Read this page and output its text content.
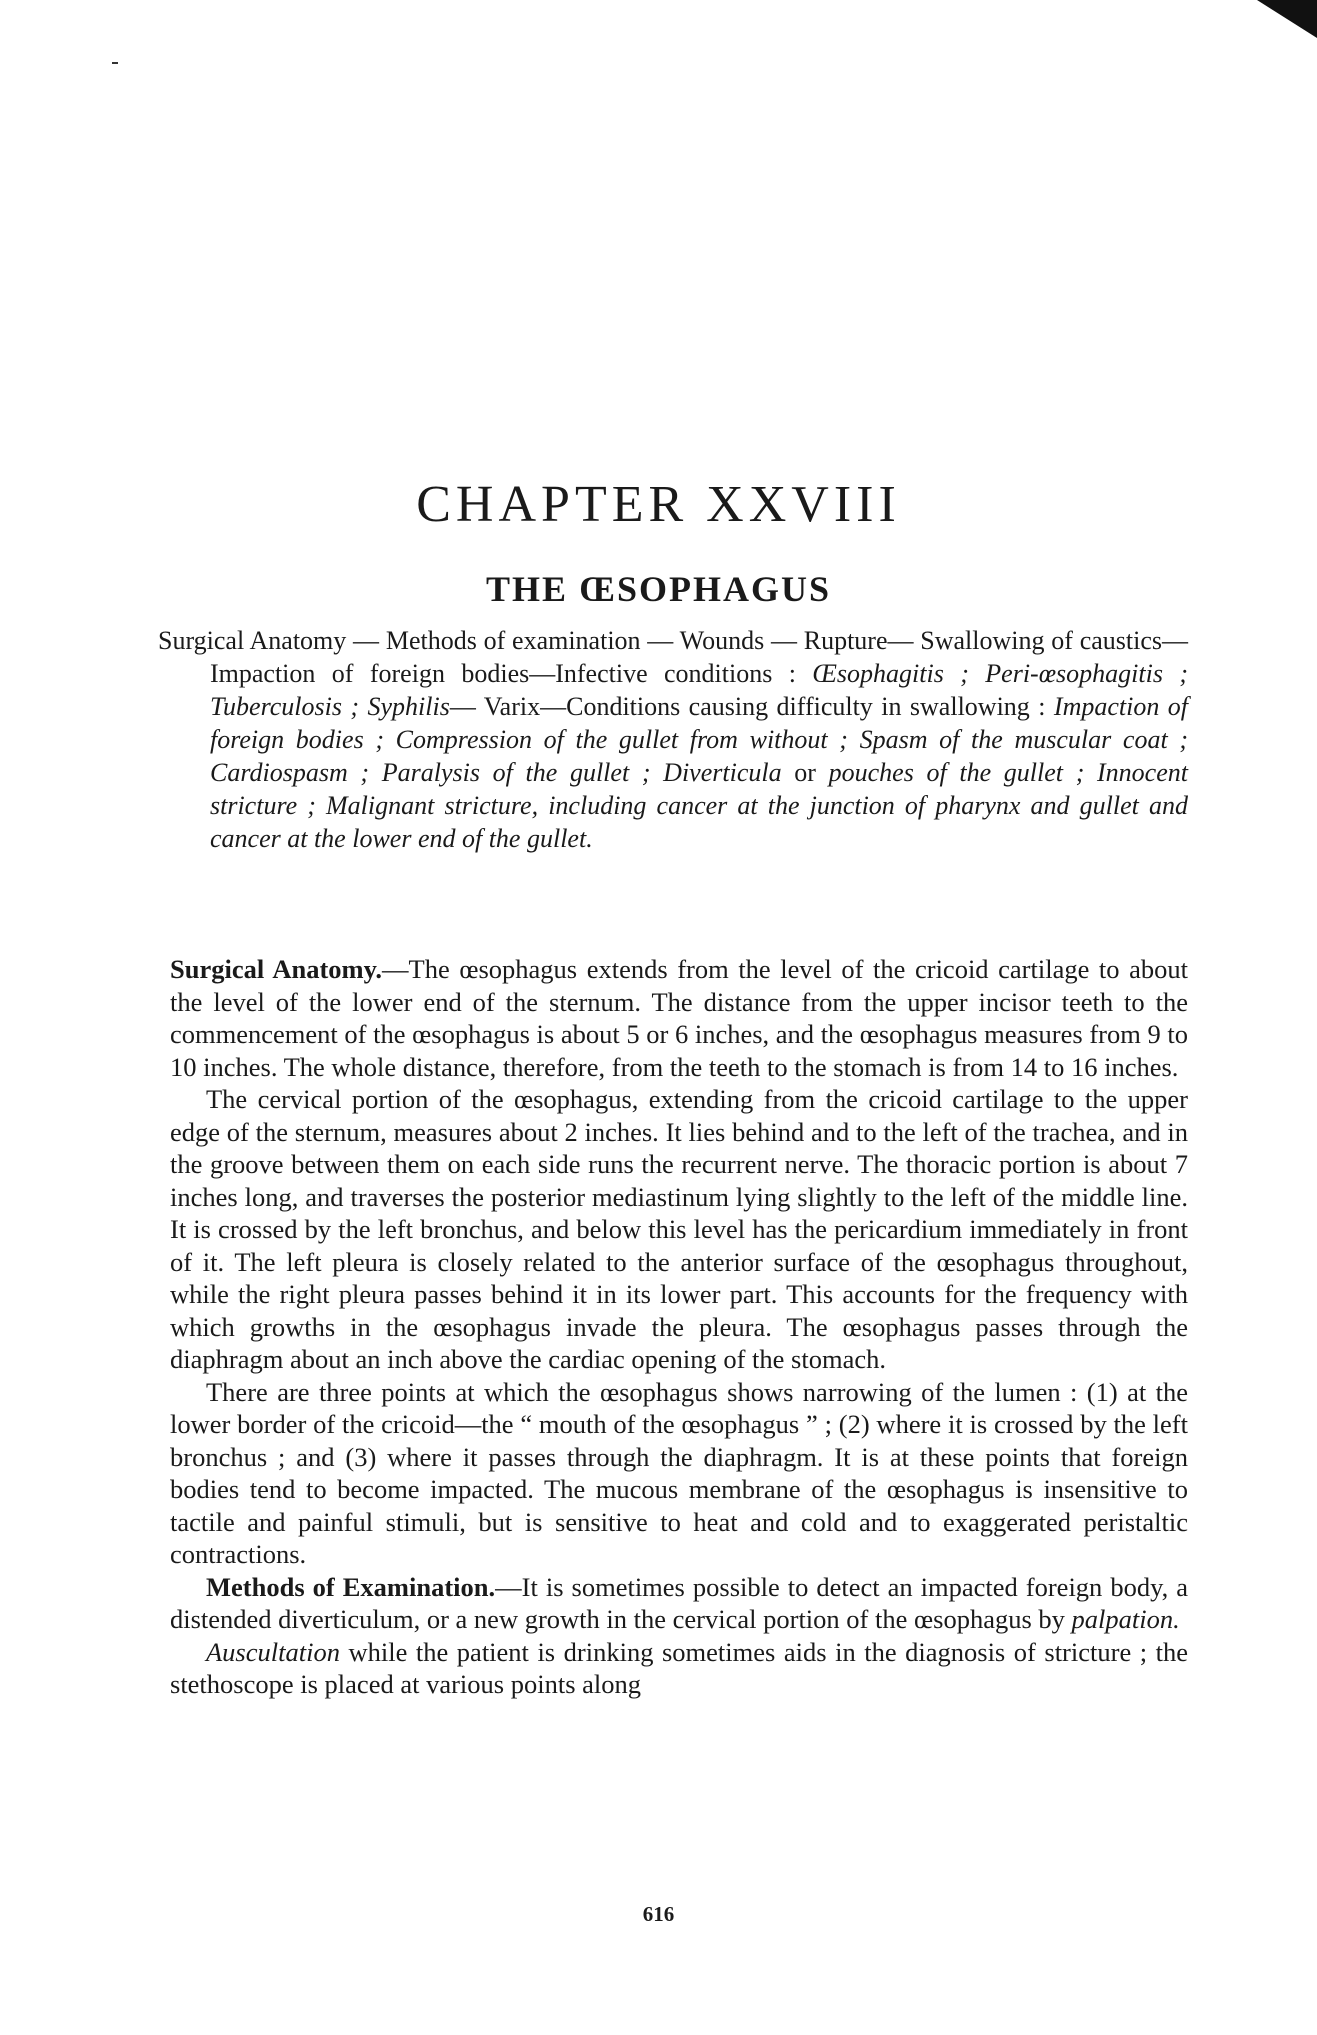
CHAPTER XXVIII
THE ŒSOPHAGUS
Surgical Anatomy — Methods of examination — Wounds — Rupture— Swallowing of caustics—Impaction of foreign bodies—Infective conditions : Œsophagitis ; Peri-œsophagitis ; Tuberculosis ; Syphilis— Varix—Conditions causing difficulty in swallowing : Impaction of foreign bodies ; Compression of the gullet from without ; Spasm of the muscular coat ; Cardiospasm ; Paralysis of the gullet ; Diverticula or pouches of the gullet ; Innocent stricture ; Malignant stricture, including cancer at the junction of pharynx and gullet and cancer at the lower end of the gullet.

Surgical Anatomy.—The œsophagus extends from the level of the cricoid cartilage to about the level of the lower end of the sternum. The distance from the upper incisor teeth to the commencement of the œsophagus is about 5 or 6 inches, and the œsophagus measures from 9 to 10 inches. The whole distance, therefore, from the teeth to the stomach is from 14 to 16 inches.

The cervical portion of the œsophagus, extending from the cricoid cartilage to the upper edge of the sternum, measures about 2 inches. It lies behind and to the left of the trachea, and in the groove between them on each side runs the recurrent nerve. The thoracic portion is about 7 inches long, and traverses the posterior mediastinum lying slightly to the left of the middle line. It is crossed by the left bronchus, and below this level has the pericardium immediately in front of it. The left pleura is closely related to the anterior surface of the œsophagus throughout, while the right pleura passes behind it in its lower part. This accounts for the frequency with which growths in the œsophagus invade the pleura. The œsophagus passes through the diaphragm about an inch above the cardiac opening of the stomach.

There are three points at which the œsophagus shows narrowing of the lumen : (1) at the lower border of the cricoid—the “ mouth of the œsophagus ” ; (2) where it is crossed by the left bronchus ; and (3) where it passes through the diaphragm. It is at these points that foreign bodies tend to become impacted. The mucous membrane of the œsophagus is insensitive to tactile and painful stimuli, but is sensitive to heat and cold and to exaggerated peristaltic contractions.

Methods of Examination.—It is sometimes possible to detect an impacted foreign body, a distended diverticulum, or a new growth in the cervical portion of the œsophagus by palpation.

Auscultation while the patient is drinking sometimes aids in the diagnosis of stricture ; the stethoscope is placed at various points along

616
